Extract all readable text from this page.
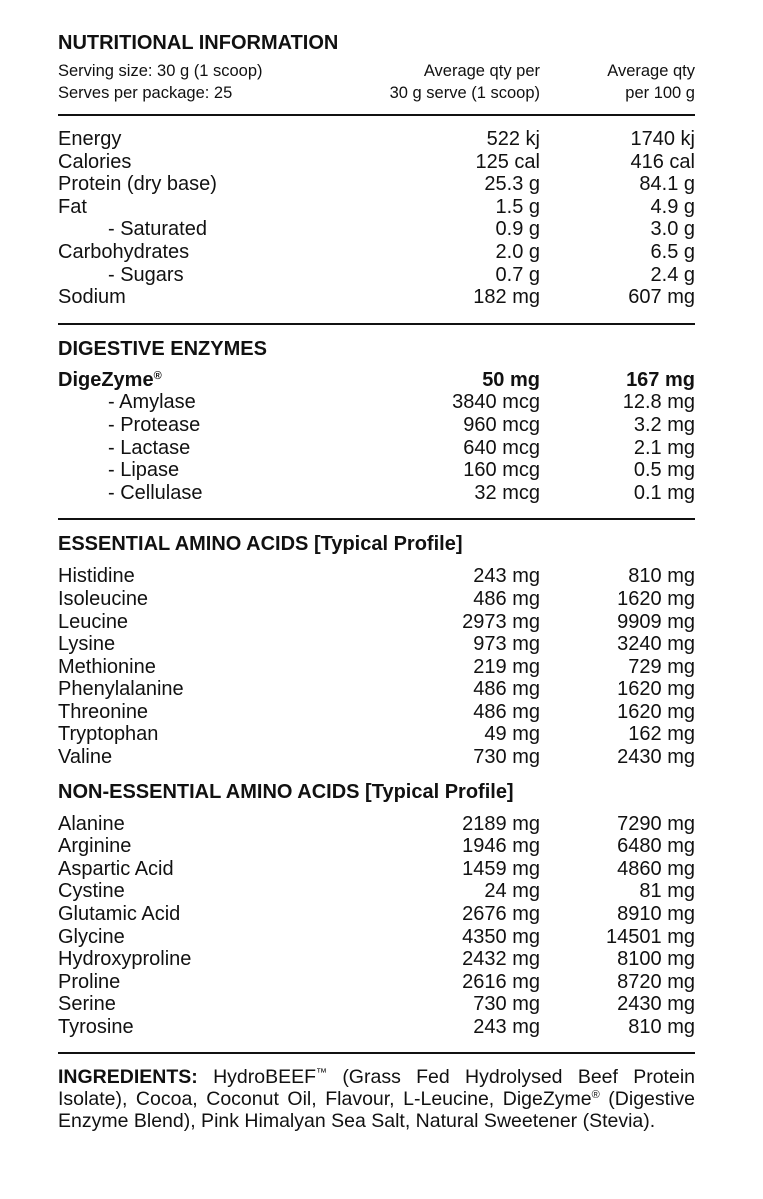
NUTRITIONAL INFORMATION
Serving size: 30 g (1 scoop)	Average qty per	Average qty
Serves per package: 25	30 g serve (1 scoop)	per 100 g
Energy	522 kj	1740 kj
Calories	125 cal	416 cal
Protein (dry base)	25.3 g	84.1 g
Fat	1.5 g	4.9 g
- Saturated	0.9 g	3.0 g
Carbohydrates	2.0 g	6.5 g
- Sugars	0.7 g	2.4 g
Sodium	182 mg	607 mg
DIGESTIVE ENZYMES
DigeZyme®	50 mg	167 mg
- Amylase	3840 mcg	12.8 mg
- Protease	960 mcg	3.2 mg
- Lactase	640 mcg	2.1 mg
- Lipase	160 mcg	0.5 mg
- Cellulase	32 mcg	0.1 mg
ESSENTIAL AMINO ACIDS [Typical Profile]
Histidine	243 mg	810 mg
Isoleucine	486 mg	1620 mg
Leucine	2973 mg	9909 mg
Lysine	973 mg	3240 mg
Methionine	219 mg	729 mg
Phenylalanine	486 mg	1620 mg
Threonine	486 mg	1620 mg
Tryptophan	49 mg	162 mg
Valine	730 mg	2430 mg
NON-ESSENTIAL AMINO ACIDS [Typical Profile]
Alanine	2189 mg	7290 mg
Arginine	1946 mg	6480 mg
Aspartic Acid	1459 mg	4860 mg
Cystine	24 mg	81 mg
Glutamic Acid	2676 mg	8910 mg
Glycine	4350 mg	14501 mg
Hydroxyproline	2432 mg	8100 mg
Proline	2616 mg	8720 mg
Serine	730 mg	2430 mg
Tyrosine	243 mg	810 mg

INGREDIENTS: HydroBEEF™ (Grass Fed Hydrolysed Beef Protein Isolate), Cocoa, Coconut Oil, Flavour, L-Leucine, DigeZyme® (Digestive Enzyme Blend), Pink Himalyan Sea Salt, Natural Sweetener (Stevia).
